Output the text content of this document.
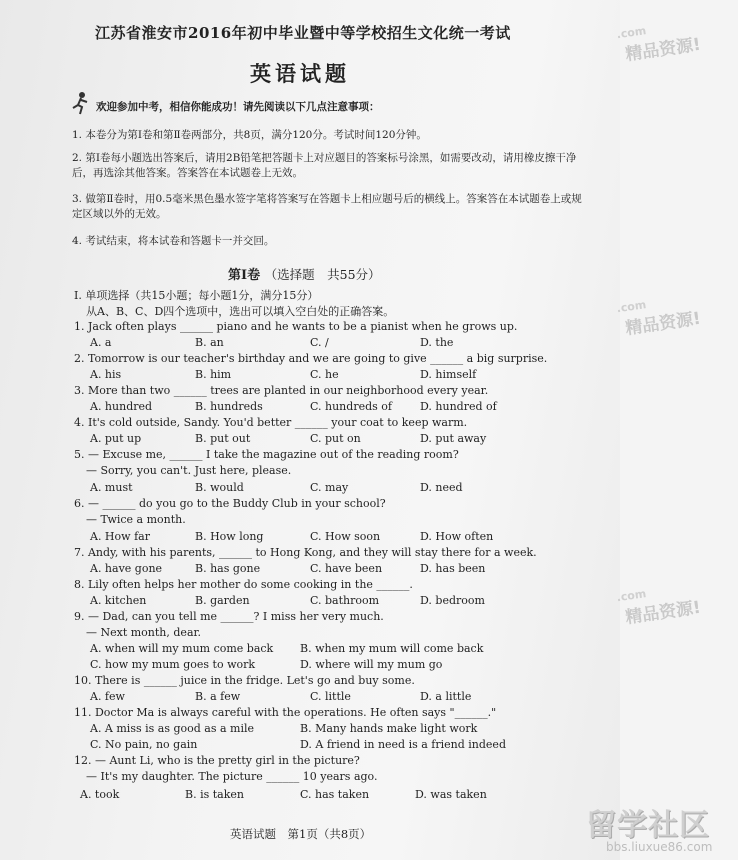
.com
精品资源!
.com
精品资源!
.com
精品资源!
江苏省淮安市2016年初中毕业暨中等学校招生文化统一考试
英语试题
欢迎参加中考，相信你能成功！请先阅读以下几点注意事项：
1. 本卷分为第Ⅰ卷和第Ⅱ卷两部分，共8页，满分120分。考试时间120分钟。
2. 第Ⅰ卷每小题选出答案后，请用2B铅笔把答题卡上对应题目的答案标号涂黑，如需要改动，请用橡皮擦干净后，再选涂其他答案。答案答在本试题卷上无效。
3. 做第Ⅱ卷时，用0.5毫米黑色墨水签字笔将答案写在答题卡上相应题号后的横线上。答案答在本试题卷上或规定区域以外的无效。
4. 考试结束，将本试卷和答题卡一并交回。
第Ⅰ卷 （选择题　共55分）
Ⅰ. 单项选择（共15小题；每小题1分，满分15分）
从A、B、C、D四个选项中，选出可以填入空白处的正确答案。
1. Jack often plays ______ piano and he wants to be a pianist when he grows up.
A. a	B. an	C. /	D. the
2. Tomorrow is our teacher's birthday and we are going to give ______ a big surprise.
A. his	B. him	C. he	D. himself
3. More than two ______ trees are planted in our neighborhood every year.
A. hundred	B. hundreds	C. hundreds of	D. hundred of
4. It's cold outside, Sandy. You'd better ______ your coat to keep warm.
A. put up	B. put out	C. put on	D. put away
5. — Excuse me, ______ I take the magazine out of the reading room?
— Sorry, you can't. Just here, please.
A. must	B. would	C. may	D. need
6. — ______ do you go to the Buddy Club in your school?
— Twice a month.
A. How far	B. How long	C. How soon	D. How often
7. Andy, with his parents, ______ to Hong Kong, and they will stay there for a week.
A. have gone	B. has gone	C. have been	D. has been
8. Lily often helps her mother do some cooking in the ______.
A. kitchen	B. garden	C. bathroom	D. bedroom
9. — Dad, can you tell me ______? I miss her very much.
— Next month, dear.
A. when will my mum come back B. when my mum will come back
C. how my mum goes to work	D. where will my mum go
10. There is ______ juice in the fridge. Let's go and buy some.
A. few	B. a few	C. little	D. a little
11. Doctor Ma is always careful with the operations. He often says "______."
A. A miss is as good as a mile	B. Many hands make light work
C. No pain, no gain	D. A friend in need is a friend indeed
12. — Aunt Li, who is the pretty girl in the picture?
— It's my daughter. The picture ______ 10 years ago.
A. took	B. is taken	C. has taken	D. was taken
英语试题　第1页（共8页）	留学社区
bbs.liuxue86.com
